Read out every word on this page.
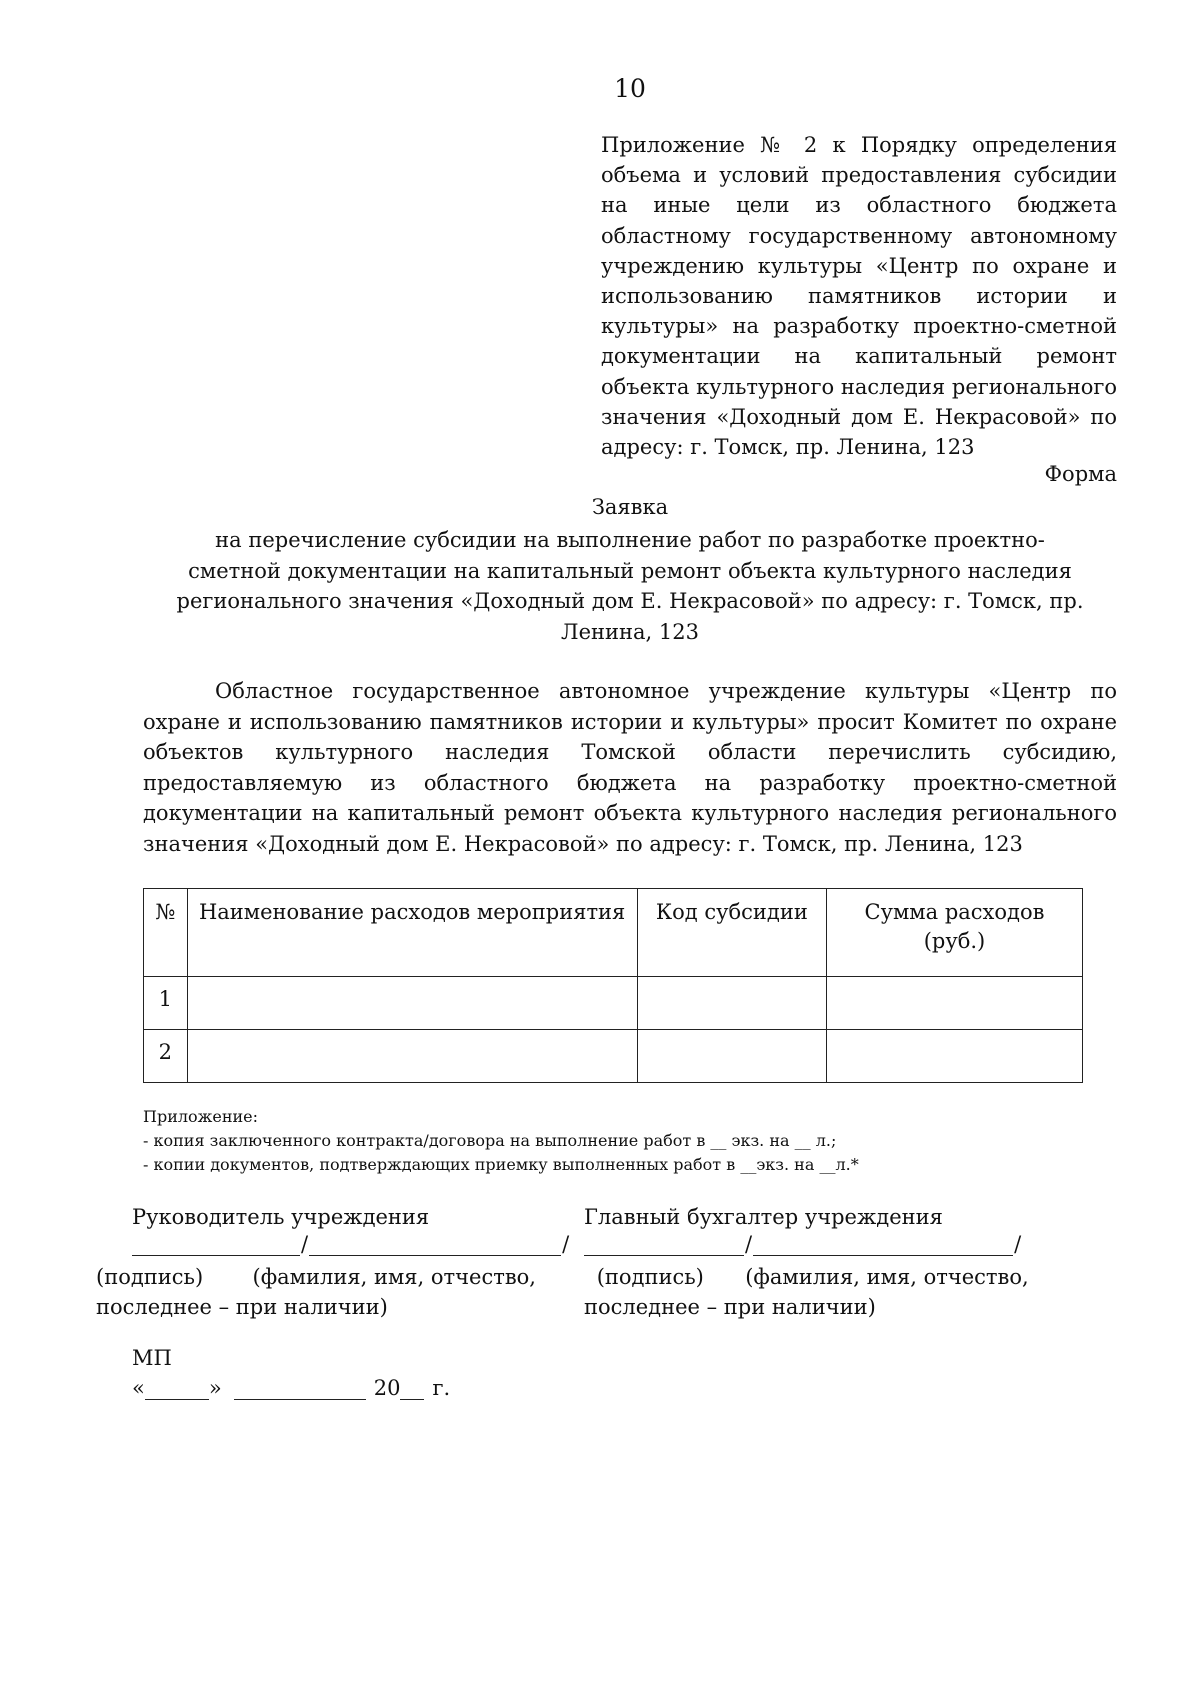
10
Приложение № 2 к Порядку определения объема и условий предоставления субсидии на иные цели из областного бюджета областному государственному автономному учреждению культуры «Центр по охране и использованию памятников истории и культуры» на разработку проектно-сметной документации на капитальный ремонт объекта культурного наследия регионального значения «Доходный дом Е. Некрасовой» по адресу: г. Томск, пр. Ленина, 123
Форма
Заявка
на перечисление субсидии на выполнение работ по разработке проектно-сметной документации на капитальный ремонт объекта культурного наследия регионального значения «Доходный дом Е. Некрасовой» по адресу: г. Томск, пр. Ленина, 123
Областное государственное автономное учреждение культуры «Центр по охране и использованию памятников истории и культуры» просит Комитет по охране объектов культурного наследия Томской области перечислить субсидию, предоставляемую из областного бюджета на разработку проектно-сметной документации на капитальный ремонт объекта культурного наследия регионального значения «Доходный дом Е. Некрасовой» по адресу: г. Томск, пр. Ленина, 123
№	Наименование расходов мероприятия	Код субсидии	Сумма расходов (руб.)
1			
2			
Приложение:
- копия заключенного контракта/договора на выполнение работ в __ экз. на __ л.;
- копии документов, подтверждающих приемку выполненных работ в __экз. на __л.*
Руководитель учреждения
/	/
(подпись) (фамилия, имя, отчество,
последнее – при наличии)
Главный бухгалтер учреждения
/	/
(подпись) (фамилия, имя, отчество,
последнее – при наличии)
МП
«	»	20 г.
